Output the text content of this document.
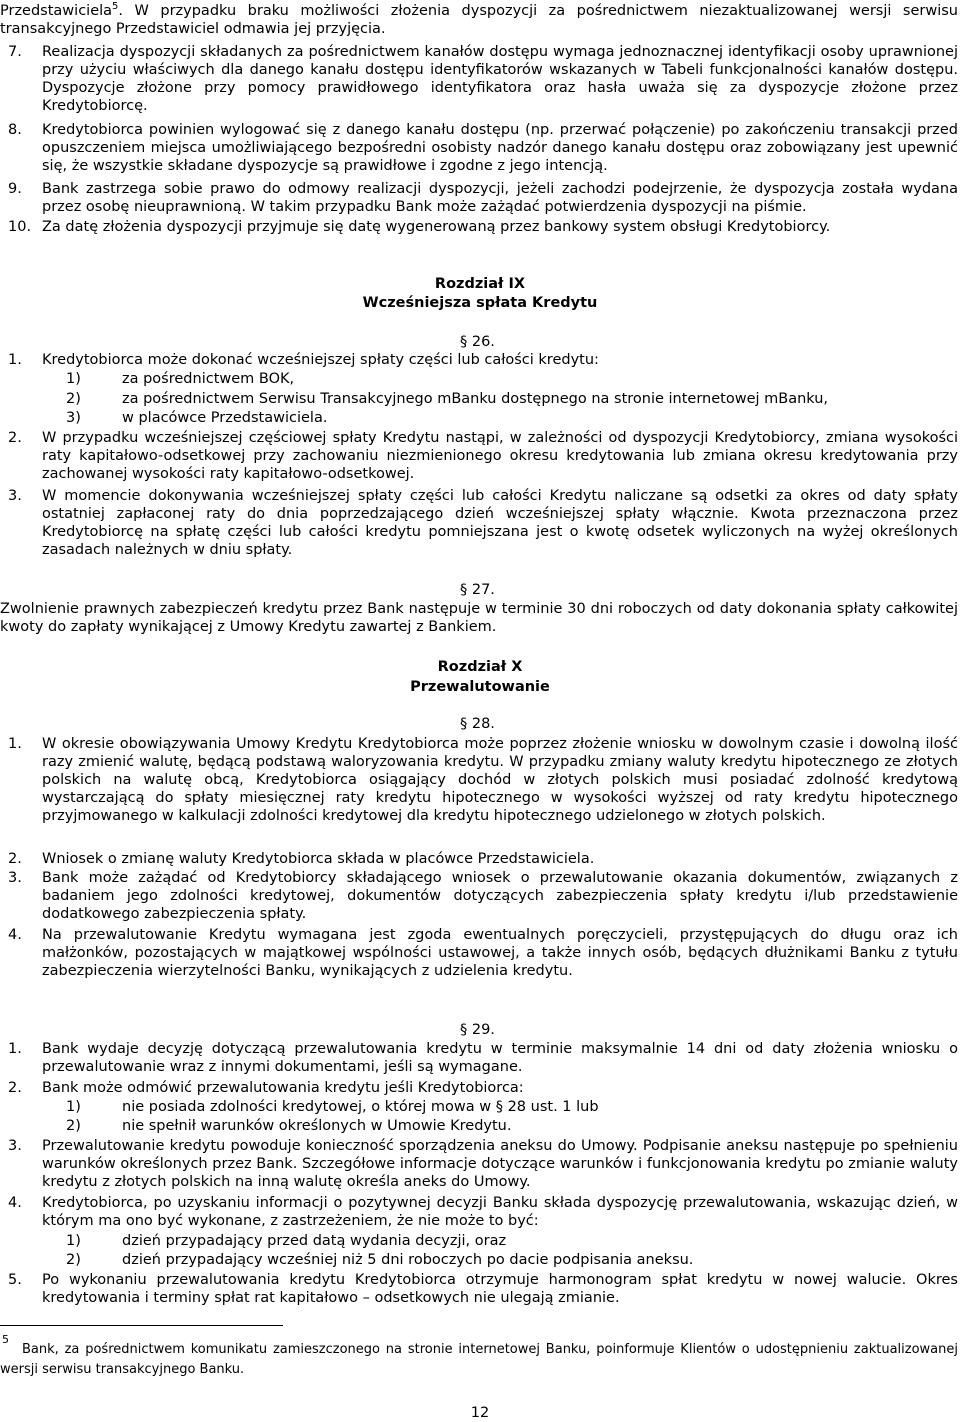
Przedstawiciela$^5$. W przypadku braku możliwości złożenia dyspozycji za pośrednictwem niezaktualizowanej wersji serwisu transakcyjnego Przedstawiciel odmawia jej przyjęcia.
7. Realizacja dyspozycji składanych za pośrednictwem kanałów dostępu wymaga jednoznacznej identyfikacji osoby uprawnionej przy użyciu właściwych dla danego kanału dostępu identyfikatorów wskazanych w Tabeli funkcjonalności kanałów dostępu. Dyspozycje złożone przy pomocy prawidłowego identyfikatora oraz hasła uważa się za dyspozycje złożone przez Kredytobiorcę.
8. Kredytobiorca powinien wylogować się z danego kanału dostępu (np. przerwać połączenie) po zakończeniu transakcji przed opuszczeniem miejsca umożliwiającego bezpośredni osobisty nadzór danego kanału dostępu oraz zobowiązany jest upewnić się, że wszystkie składane dyspozycje są prawidłowe i zgodne z jego intencją.
9. Bank zastrzega sobie prawo do odmowy realizacji dyspozycji, jeżeli zachodzi podejrzenie, że dyspozycja została wydana przez osobę nieuprawnioną. W takim przypadku Bank może zażądać potwierdzenia dyspozycji na piśmie.
10. Za datę złożenia dyspozycji przyjmuje się datę wygenerowaną przez bankowy system obsługi Kredytobiorcy.
Rozdział IX
Wcześniejsza spłata Kredytu
§ 26.
1. Kredytobiorca może dokonać wcześniejszej spłaty części lub całości kredytu:
1)	za pośrednictwem BOK,
2)	za pośrednictwem Serwisu Transakcyjnego mBanku dostępnego na stronie internetowej mBanku,
3)	w placówce Przedstawiciela.
2. W przypadku wcześniejszej częściowej spłaty Kredytu nastąpi, w zależności od dyspozycji Kredytobiorcy, zmiana wysokości raty kapitałowo-odsetkowej przy zachowaniu niezmienionego okresu kredytowania lub zmiana okresu kredytowania przy zachowanej wysokości raty kapitałowo-odsetkowej.
3. W momencie dokonywania wcześniejszej spłaty części lub całości Kredytu naliczane są odsetki za okres od daty spłaty ostatniej zapłaconej raty do dnia poprzedzającego dzień wcześniejszej spłaty włącznie. Kwota przeznaczona przez Kredytobiorcę na spłatę części lub całości kredytu pomniejszana jest o kwotę odsetek wyliczonych na wyżej określonych zasadach należnych w dniu spłaty.
§ 27.
Zwolnienie prawnych zabezpieczeń kredytu przez Bank następuje w terminie 30 dni roboczych od daty dokonania spłaty całkowitej kwoty do zapłaty wynikającej z Umowy Kredytu zawartej z Bankiem.
Rozdział X
Przewalutowanie
§ 28.
1. W okresie obowiązywania Umowy Kredytu Kredytobiorca może poprzez złożenie wniosku w dowolnym czasie i dowolną ilość razy zmienić walutę, będącą podstawą waloryzowania kredytu. W przypadku zmiany waluty kredytu hipotecznego ze złotych polskich na walutę obcą, Kredytobiorca osiągający dochód w złotych polskich musi posiadać zdolność kredytową wystarczającą do spłaty miesięcznej raty kredytu hipotecznego w wysokości wyższej od raty kredytu hipotecznego przyjmowanego w kalkulacji zdolności kredytowej dla kredytu hipotecznego udzielonego w złotych polskich.
2. Wniosek o zmianę waluty Kredytobiorca składa w placówce Przedstawiciela.
3. Bank może zażądać od Kredytobiorcy składającego wniosek o przewalutowanie okazania dokumentów, związanych z badaniem jego zdolności kredytowej, dokumentów dotyczących zabezpieczenia spłaty kredytu i/lub przedstawienie dodatkowego zabezpieczenia spłaty.
4. Na przewalutowanie Kredytu wymagana jest zgoda ewentualnych poręczycieli, przystępujących do długu oraz ich małżonków, pozostających w majątkowej wspólności ustawowej, a także innych osób, będących dłużnikami Banku z tytułu zabezpieczenia wierzytelności Banku, wynikających z udzielenia kredytu.
§ 29.
1. Bank wydaje decyzję dotyczącą przewalutowania kredytu w terminie maksymalnie 14 dni od daty złożenia wniosku o przewalutowanie wraz z innymi dokumentami, jeśli są wymagane.
2. Bank może odmówić przewalutowania kredytu jeśli Kredytobiorca:
1)	nie posiada zdolności kredytowej, o której mowa w § 28 ust. 1 lub
2)	nie spełnił warunków określonych w Umowie Kredytu.
3. Przewalutowanie kredytu powoduje konieczność sporządzenia aneksu do Umowy. Podpisanie aneksu następuje po spełnieniu warunków określonych przez Bank. Szczegółowe informacje dotyczące warunków i funkcjonowania kredytu po zmianie waluty kredytu z złotych polskich na inną walutę określa aneks do Umowy.
4. Kredytobiorca, po uzyskaniu informacji o pozytywnej decyzji Banku składa dyspozycję przewalutowania, wskazując dzień, w którym ma ono być wykonane, z zastrzeżeniem, że nie może to być:
1)	dzień przypadający przed datą wydania decyzji, oraz
2)	dzień przypadający wcześniej niż 5 dni roboczych po dacie podpisania aneksu.
5. Po wykonaniu przewalutowania kredytu Kredytobiorca otrzymuje harmonogram spłat kredytu w nowej walucie. Okres kredytowania i terminy spłat rat kapitałowo – odsetkowych nie ulegają zmianie.
5
Bank, za pośrednictwem komunikatu zamieszczonego na stronie internetowej Banku, poinformuje Klientów o udostępnieniu zaktualizowanej wersji serwisu transakcyjnego Banku.
12
